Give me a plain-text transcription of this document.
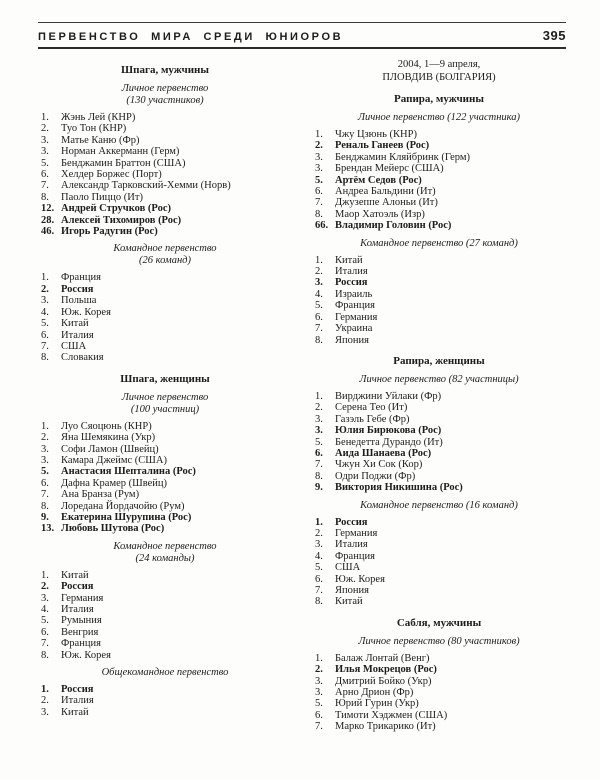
ПЕРВЕНСТВО МИРА СРЕДИ ЮНИОРОВ	395
Шпага, мужчины
Личное первенство
(130 участников)
1.	Жэнь Лей (КНР)
2.	Туо Тон (КНР)
3.	Матье Каню (Фр)
3.	Норман Аккерманн (Герм)
5.	Бенджамин Браттон (США)
6.	Хелдер Боржес (Порт)
7.	Александр Тарковский-Хемми (Норв)
8.	Паоло Пиццо (Ит)
12. Андрей Стручков (Рос)
28. Алексей Тихомиров (Рос)
46. Игорь Радугин (Рос)
Командное первенство
(26 команд)
1.	Франция
2.	Россия
3.	Польша
4.	Юж. Корея
5.	Китай
6.	Италия
7.	США
8.	Словакия
Шпага, женщины
Личное первенство
(100 участниц)
1.	Луо Сяоцюнь (КНР)
2.	Яна Шемякина (Укр)
3.	Софи Ламон (Швейц)
3.	Камара Джеймс (США)
5.	Анастасия Шепталина (Рос)
6.	Дафна Крамер (Швейц)
7.	Ана Бранза (Рум)
8.	Лоредана Йордачойю (Рум)
9.	Екатерина Шурупина (Рос)
13. Любовь Шутова (Рос)
Командное первенство
(24 команды)
1.	Китай
2.	Россия
3.	Германия
4.	Италия
5.	Румыния
6.	Венгрия
7.	Франция
8.	Юж. Корея
Общекомандное первенство
1.	Россия
2.	Италия
3.	Китай
2004, 1—9 апреля,
ПЛОВДИВ (БОЛГАРИЯ)
Рапира, мужчины
Личное первенство (122 участника)
1.	Чжу Цзюнь (КНР)
2.	Реналь Ганеев (Рос)
3.	Бенджамин Кляйбринк (Герм)
3.	Брендан Мейерс (США)
5.	Артём Седов (Рос)
6.	Андреа Бальдини (Ит)
7.	Джузеппе Алоньи (Ит)
8.	Маор Хатоэль (Изр)
66. Владимир Головин (Рос)
Командное первенство (27 команд)
1.	Китай
2.	Италия
3.	Россия
4.	Израиль
5.	Франция
6.	Германия
7.	Украина
8.	Япония
Рапира, женщины
Личное первенство (82 участницы)
1.	Вирджини Уйлаки (Фр)
2.	Серена Тео (Ит)
3.	Газэль Гебе (Фр)
3.	Юлия Бирюкова (Рос)
5.	Бенедетта Дурандо (Ит)
6.	Аида Шанаева (Рос)
7.	Чжун Хи Сок (Кор)
8.	Одри Поджи (Фр)
9.	Виктория Никишина (Рос)
Командное первенство (16 команд)
1.	Россия
2.	Германия
3.	Италия
4.	Франция
5.	США
6.	Юж. Корея
7.	Япония
8.	Китай
Сабля, мужчины
Личное первенство (80 участников)
1.	Балаж Лонтай (Венг)
2.	Илья Мокрецов (Рос)
3.	Дмитрий Бойко (Укр)
3.	Арно Дрион (Фр)
5.	Юрий Гурин (Укр)
6.	Тимоти Хэджмен (США)
7.	Марко Трикарико (Ит)
